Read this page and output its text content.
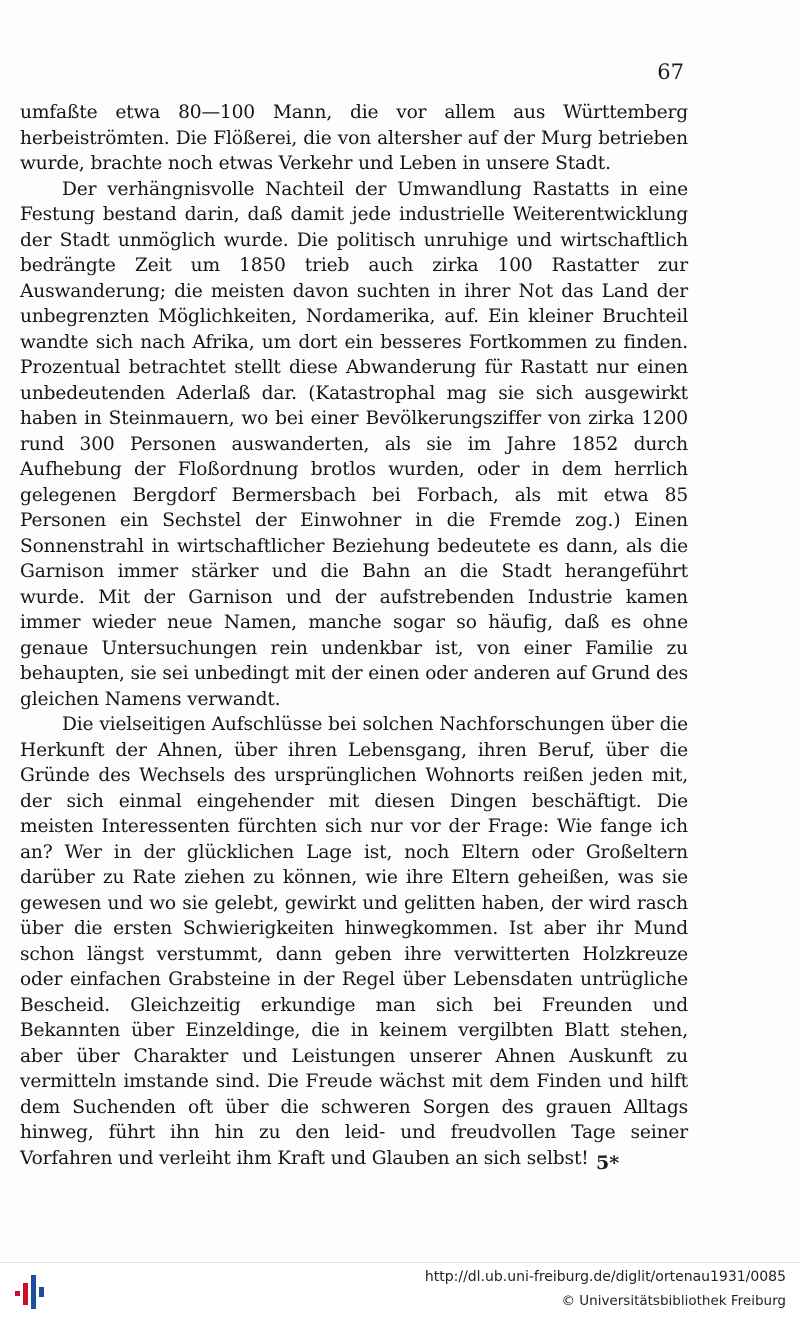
67

umfaßte etwa 80—100 Mann, die vor allem aus Württemberg herbeiströmten. Die Flößerei, die von altersher auf der Murg betrieben wurde, brachte noch etwas Verkehr und Leben in unsere Stadt.

Der verhängnisvolle Nachteil der Umwandlung Rastatts in eine Festung bestand darin, daß damit jede industrielle Weiterentwicklung der Stadt unmöglich wurde. Die politisch unruhige und wirtschaftlich bedrängte Zeit um 1850 trieb auch zirka 100 Rastatter zur Auswanderung; die meisten davon suchten in ihrer Not das Land der unbegrenzten Möglichkeiten, Nordamerika, auf. Ein kleiner Bruchteil wandte sich nach Afrika, um dort ein besseres Fortkommen zu finden. Prozentual betrachtet stellt diese Abwanderung für Rastatt nur einen unbedeutenden Aderlaß dar. (Katastrophal mag sie sich ausgewirkt haben in Steinmauern, wo bei einer Bevölkerungsziffer von zirka 1200 rund 300 Personen auswanderten, als sie im Jahre 1852 durch Aufhebung der Floßordnung brotlos wurden, oder in dem herrlich gelegenen Bergdorf Bermersbach bei Forbach, als mit etwa 85 Personen ein Sechstel der Einwohner in die Fremde zog.) Einen Sonnenstrahl in wirtschaftlicher Beziehung bedeutete es dann, als die Garnison immer stärker und die Bahn an die Stadt herangeführt wurde. Mit der Garnison und der aufstrebenden Industrie kamen immer wieder neue Namen, manche sogar so häufig, daß es ohne genaue Untersuchungen rein undenkbar ist, von einer Familie zu behaupten, sie sei unbedingt mit der einen oder anderen auf Grund des gleichen Namens verwandt.

Die vielseitigen Aufschlüsse bei solchen Nachforschungen über die Herkunft der Ahnen, über ihren Lebensgang, ihren Beruf, über die Gründe des Wechsels des ursprünglichen Wohnorts reißen jeden mit, der sich einmal eingehender mit diesen Dingen beschäftigt. Die meisten Interessenten fürchten sich nur vor der Frage: Wie fange ich an? Wer in der glücklichen Lage ist, noch Eltern oder Großeltern darüber zu Rate ziehen zu können, wie ihre Eltern geheißen, was sie gewesen und wo sie gelebt, gewirkt und gelitten haben, der wird rasch über die ersten Schwierigkeiten hinwegkommen. Ist aber ihr Mund schon längst verstummt, dann geben ihre verwitterten Holzkreuze oder einfachen Grabsteine in der Regel über Lebensdaten untrügliche Bescheid. Gleichzeitig erkundige man sich bei Freunden und Bekannten über Einzeldinge, die in keinem vergilbten Blatt stehen, aber über Charakter und Leistungen unserer Ahnen Auskunft zu vermitteln imstande sind. Die Freude wächst mit dem Finden und hilft dem Suchenden oft über die schweren Sorgen des grauen Alltags hinweg, führt ihn hin zu den leid- und freudvollen Tage seiner Vorfahren und verleiht ihm Kraft und Glauben an sich selbst! 5*
http://dl.ub.uni-freiburg.de/diglit/ortenau1931/0085
© Universitätsbibliothek Freiburg
